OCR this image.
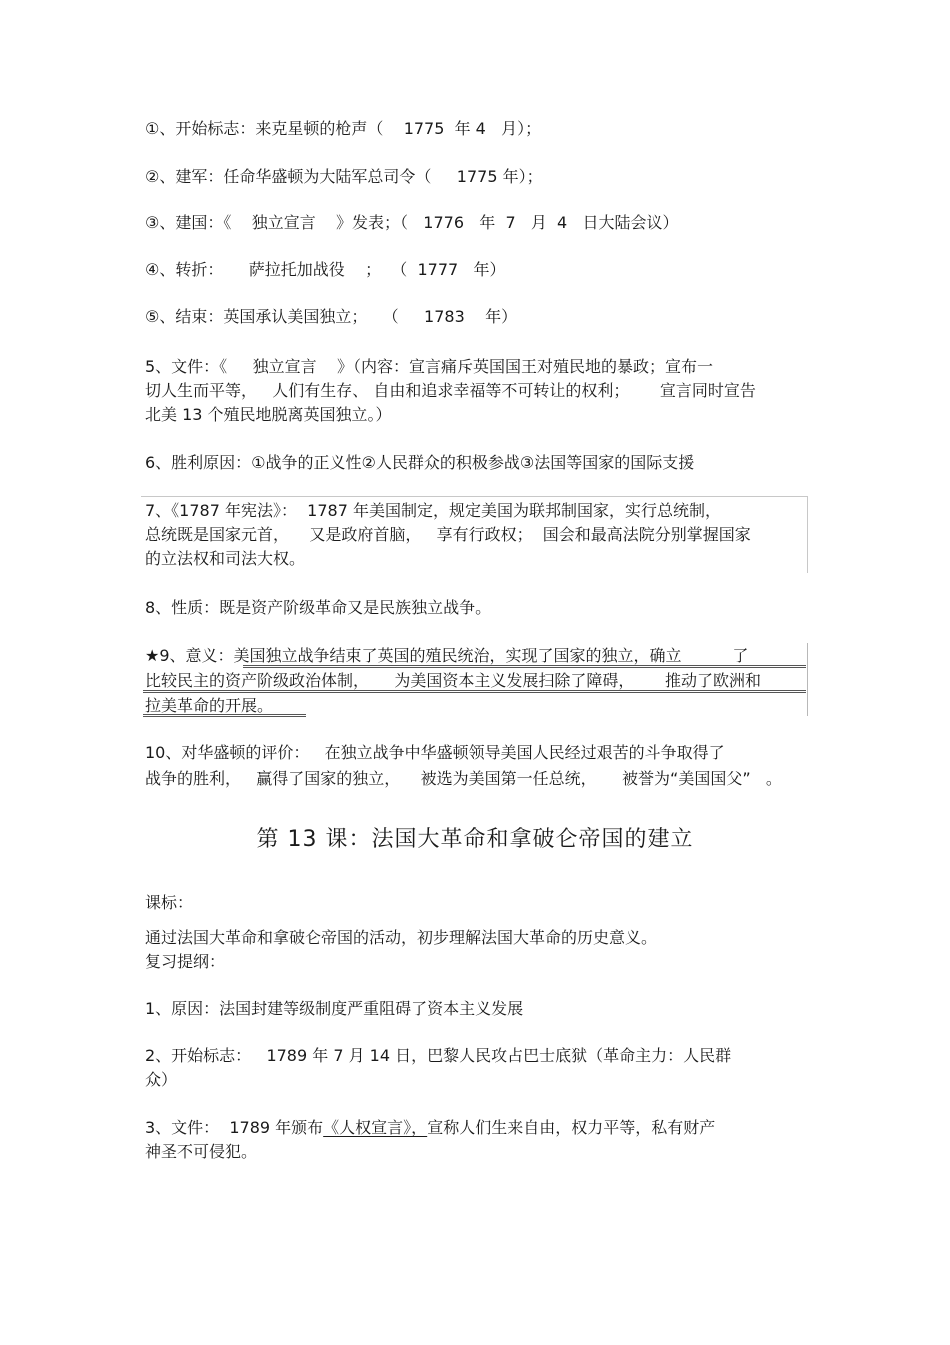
①、开始标志：来克星顿的枪声（    1775  年 4   月）；
②、建军：任命华盛顿为大陆军总司令（     1775 年）；
③、建国：《    独立宣言    》发表；（   1776   年  7   月  4   日大陆会议）
④、转折：     萨拉托加战役    ；  （  1777   年）
⑤、结束：英国承认美国独立；   （     1783    年）
5、文件：《     独立宣言    》（内容：宣言痛斥英国国王对殖民地的暴政；宣布一
切人生而平等，   人们有生存、 自由和追求幸福等不可转让的权利；      宣言同时宣告
北美 13 个殖民地脱离英国独立。）
6、胜利原因：①战争的正义性②人民群众的积极参战③法国等国家的国际支援
7、《1787 年宪法》：  1787 年美国制定，规定美国为联邦制国家，实行总统制，
总统既是国家元首，    又是政府首脑，   享有行政权；  国会和最高法院分别掌握国家
的立法权和司法大权。
8、性质：既是资产阶级革命又是民族独立战争。
★9、意义：美国独立战争结束了英国的殖民统治，实现了国家的独立，确立          了
比较民主的资产阶级政治体制，     为美国资本主义发展扫除了障碍，      推动了欧洲和
拉美革命的开展。
10、对华盛顿的评价：   在独立战争中华盛顿领导美国人民经过艰苦的斗争取得了
战争的胜利，   赢得了国家的独立，    被选为美国第一任总统，     被誉为“美国国父”   。
第 13 课：法国大革命和拿破仑帝国的建立
课标：
通过法国大革命和拿破仑帝国的活动，初步理解法国大革命的历史意义。
复习提纲：
1、原因：法国封建等级制度严重阻碍了资本主义发展
2、开始标志：   1789 年 7 月 14 日，巴黎人民攻占巴士底狱（革命主力：人民群
众）
3、文件：  1789 年颁布《人权宣言》，宣称人们生来自由，权力平等，私有财产
神圣不可侵犯。
